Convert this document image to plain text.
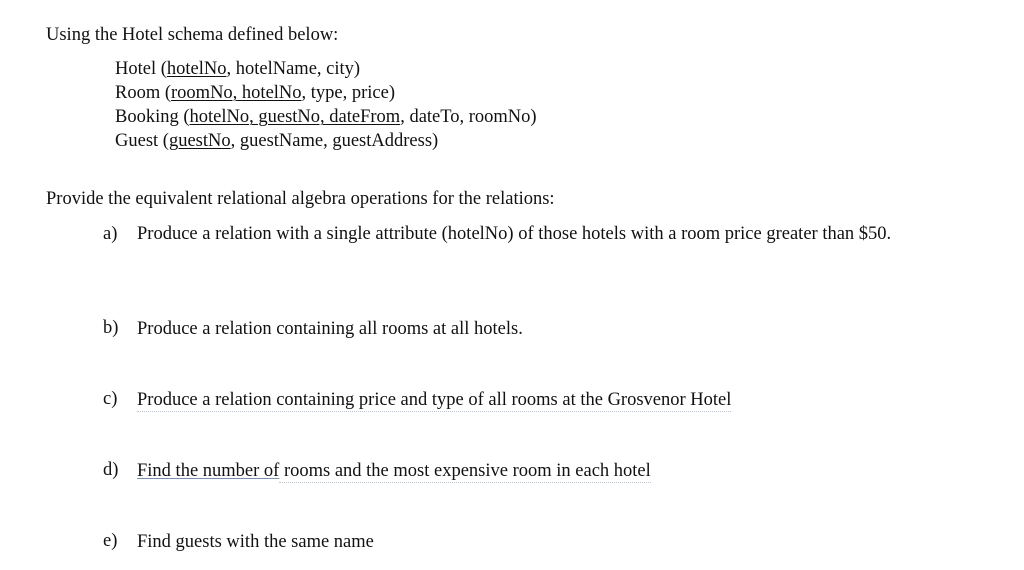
Using the Hotel schema defined below:
Hotel (hotelNo, hotelName, city)
Room (roomNo, hotelNo, type, price)
Booking (hotelNo, guestNo, dateFrom, dateTo, roomNo)
Guest (guestNo, guestName, guestAddress)
Provide the equivalent relational algebra operations for the relations:
a) Produce a relation with a single attribute (hotelNo) of those hotels with a room price greater than $50.
b) Produce a relation containing all rooms at all hotels.
c) Produce a relation containing price and type of all rooms at the Grosvenor Hotel
d) Find the number of rooms and the most expensive room in each hotel
e) Find guests with the same name
